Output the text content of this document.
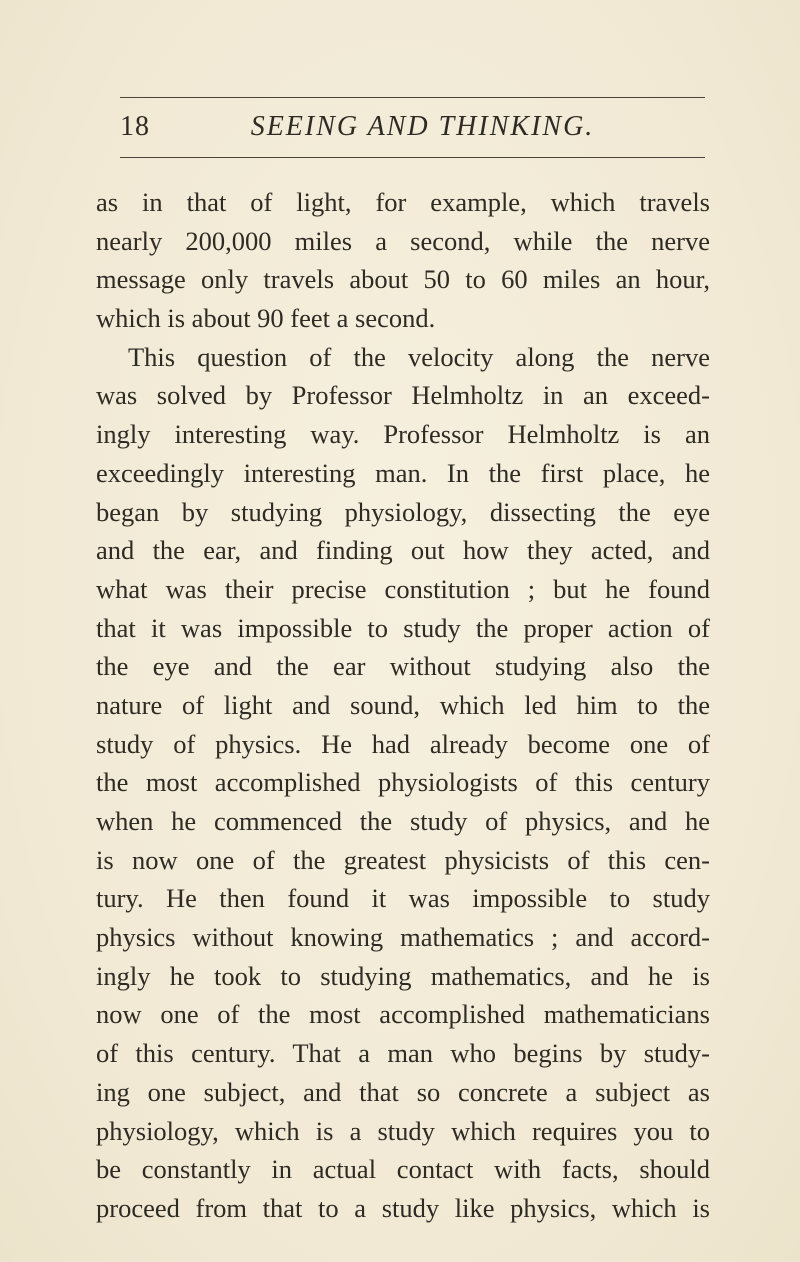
18	SEEING AND THINKING.
as in that of light, for example, which travels
nearly 200,000 miles a second, while the nerve
message only travels about 50 to 60 miles an hour,
which is about 90 feet a second.
This question of the velocity along the nerve
was solved by Professor Helmholtz in an exceed-
ingly interesting way. Professor Helmholtz is an
exceedingly interesting man. In the first place, he
began by studying physiology, dissecting the eye
and the ear, and finding out how they acted, and
what was their precise constitution ; but he found
that it was impossible to study the proper action of
the eye and the ear without studying also the
nature of light and sound, which led him to the
study of physics. He had already become one of
the most accomplished physiologists of this century
when he commenced the study of physics, and he
is now one of the greatest physicists of this cen-
tury. He then found it was impossible to study
physics without knowing mathematics ; and accord-
ingly he took to studying mathematics, and he is
now one of the most accomplished mathematicians
of this century. That a man who begins by study-
ing one subject, and that so concrete a subject as
physiology, which is a study which requires you to
be constantly in actual contact with facts, should
proceed from that to a study like physics, which is
